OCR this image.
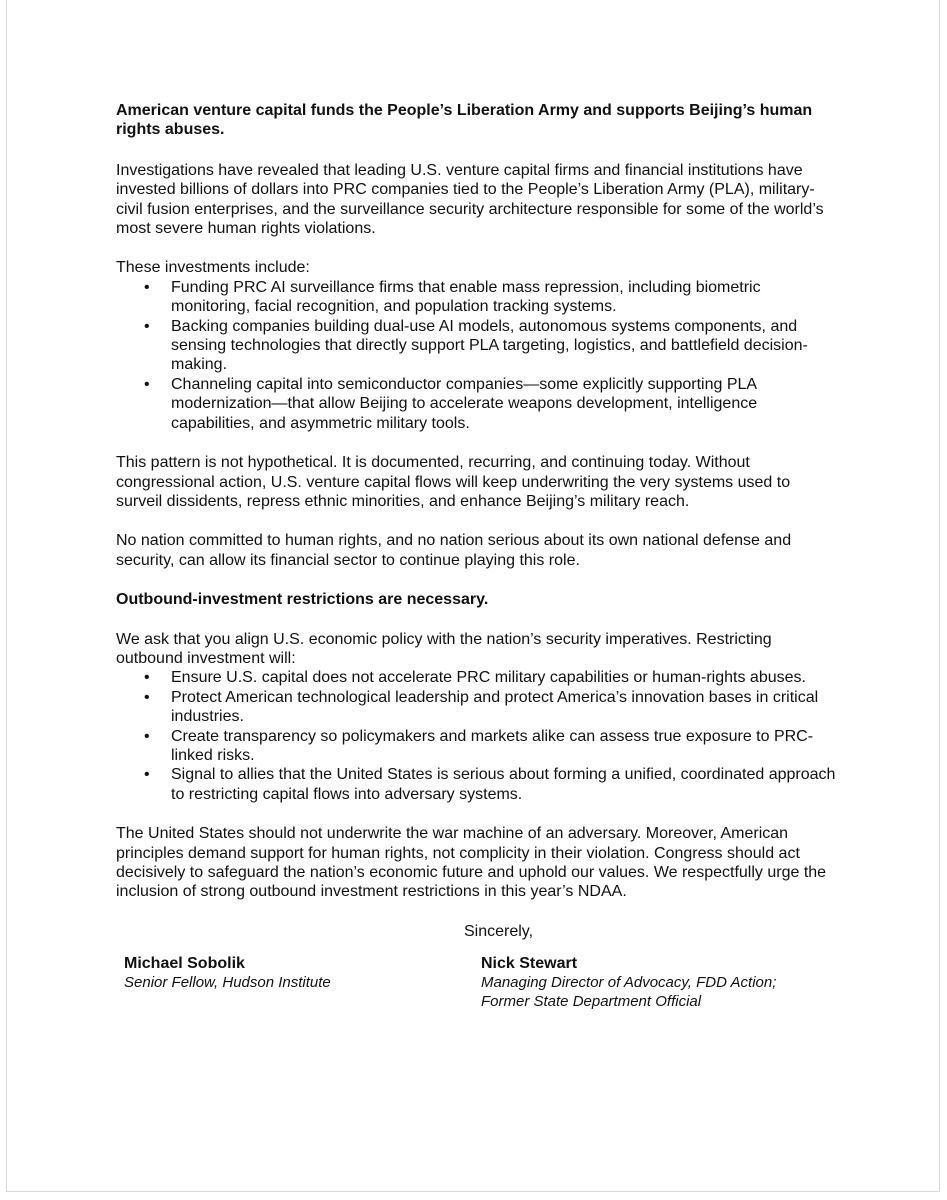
American venture capital funds the People’s Liberation Army and supports Beijing’s human rights abuses.

Investigations have revealed that leading U.S. venture capital firms and financial institutions have invested billions of dollars into PRC companies tied to the People’s Liberation Army (PLA), military-civil fusion enterprises, and the surveillance security architecture responsible for some of the world’s most severe human rights violations.

These investments include:

• Funding PRC AI surveillance firms that enable mass repression, including biometric monitoring, facial recognition, and population tracking systems.
• Backing companies building dual-use AI models, autonomous systems components, and sensing technologies that directly support PLA targeting, logistics, and battlefield decision-making.
• Channeling capital into semiconductor companies—some explicitly supporting PLA modernization—that allow Beijing to accelerate weapons development, intelligence capabilities, and asymmetric military tools.

This pattern is not hypothetical. It is documented, recurring, and continuing today. Without congressional action, U.S. venture capital flows will keep underwriting the very systems used to surveil dissidents, repress ethnic minorities, and enhance Beijing’s military reach.

No nation committed to human rights, and no nation serious about its own national defense and security, can allow its financial sector to continue playing this role.

Outbound-investment restrictions are necessary.

We ask that you align U.S. economic policy with the nation’s security imperatives. Restricting outbound investment will:

• Ensure U.S. capital does not accelerate PRC military capabilities or human-rights abuses.
• Protect American technological leadership and protect America’s innovation bases in critical industries.
• Create transparency so policymakers and markets alike can assess true exposure to PRC-linked risks.
• Signal to allies that the United States is serious about forming a unified, coordinated approach to restricting capital flows into adversary systems.

The United States should not underwrite the war machine of an adversary. Moreover, American principles demand support for human rights, not complicity in their violation. Congress should act decisively to safeguard the nation’s economic future and uphold our values. We respectfully urge the inclusion of strong outbound investment restrictions in this year’s NDAA.

Sincerely,

Michael Sobolik
Senior Fellow, Hudson Institute
Nick Stewart
Managing Director of Advocacy, FDD Action;
Former State Department Official
